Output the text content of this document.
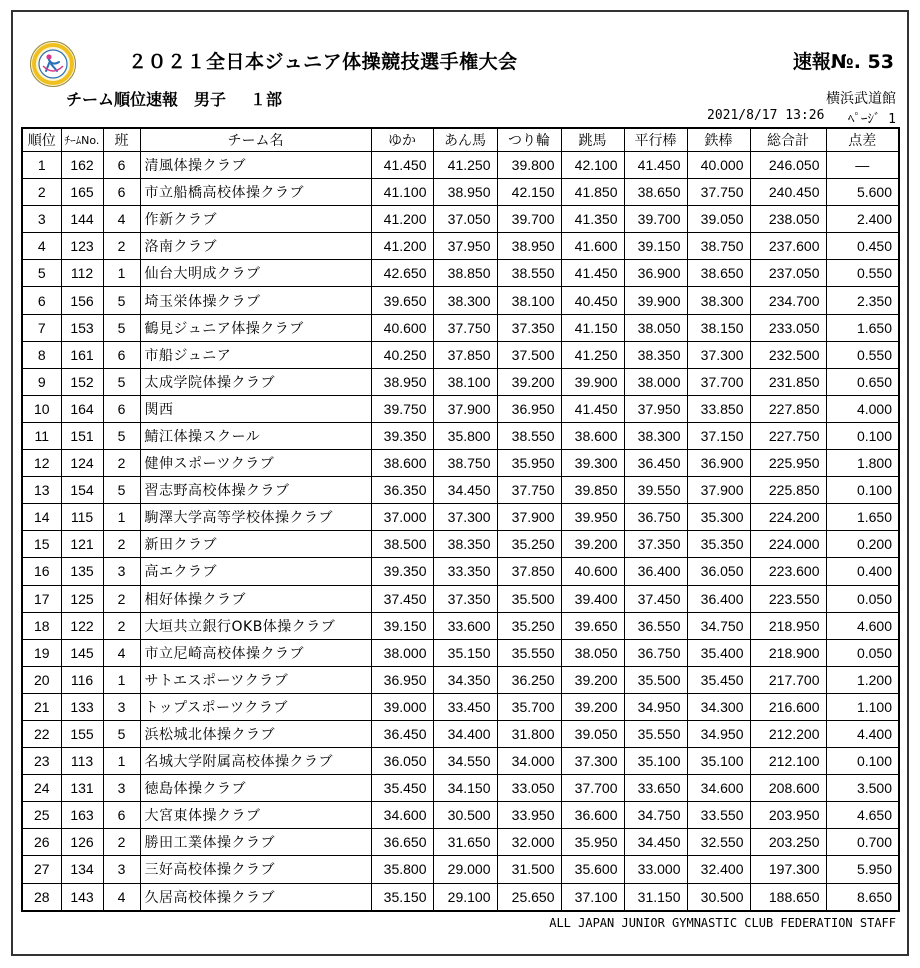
２０２１全日本ジュニア体操競技選手権大会	速報№. 53
チーム順位速報 男子 １部	横浜武道館
2021/8/17 13:26 ﾍﾟｰｼﾞ 1
順位	ﾁｰﾑNo.	班	チーム名	ゆか	あん馬	つり輪	跳馬	平行棒	鉄棒	総合計	点差
1	162	6	清風体操クラブ	41.450	41.250	39.800	42.100	41.450	40.000	246.050	—
2	165	6	市立船橋高校体操クラブ	41.100	38.950	42.150	41.850	38.650	37.750	240.450	5.600
3	144	4	作新クラブ	41.200	37.050	39.700	41.350	39.700	39.050	238.050	2.400
4	123	2	洛南クラブ	41.200	37.950	38.950	41.600	39.150	38.750	237.600	0.450
5	112	1	仙台大明成クラブ	42.650	38.850	38.550	41.450	36.900	38.650	237.050	0.550
6	156	5	埼玉栄体操クラブ	39.650	38.300	38.100	40.450	39.900	38.300	234.700	2.350
7	153	5	鶴見ジュニア体操クラブ	40.600	37.750	37.350	41.150	38.050	38.150	233.050	1.650
8	161	6	市船ジュニア	40.250	37.850	37.500	41.250	38.350	37.300	232.500	0.550
9	152	5	太成学院体操クラブ	38.950	38.100	39.200	39.900	38.000	37.700	231.850	0.650
10	164	6	関西	39.750	37.900	36.950	41.450	37.950	33.850	227.850	4.000
11	151	5	鯖江体操スクール	39.350	35.800	38.550	38.600	38.300	37.150	227.750	0.100
12	124	2	健伸スポーツクラブ	38.600	38.750	35.950	39.300	36.450	36.900	225.950	1.800
13	154	5	習志野高校体操クラブ	36.350	34.450	37.750	39.850	39.550	37.900	225.850	0.100
14	115	1	駒澤大学高等学校体操クラブ	37.000	37.300	37.900	39.950	36.750	35.300	224.200	1.650
15	121	2	新田クラブ	38.500	38.350	35.250	39.200	37.350	35.350	224.000	0.200
16	135	3	高エクラブ	39.350	33.350	37.850	40.600	36.400	36.050	223.600	0.400
17	125	2	相好体操クラブ	37.450	37.350	35.500	39.400	37.450	36.400	223.550	0.050
18	122	2	大垣共立銀行OKB体操クラブ	39.150	33.600	35.250	39.650	36.550	34.750	218.950	4.600
19	145	4	市立尼崎高校体操クラブ	38.000	35.150	35.550	38.050	36.750	35.400	218.900	0.050
20	116	1	サトエスポーツクラブ	36.950	34.350	36.250	39.200	35.500	35.450	217.700	1.200
21	133	3	トップスポーツクラブ	39.000	33.450	35.700	39.200	34.950	34.300	216.600	1.100
22	155	5	浜松城北体操クラブ	36.450	34.400	31.800	39.050	35.550	34.950	212.200	4.400
23	113	1	名城大学附属高校体操クラブ	36.050	34.550	34.000	37.300	35.100	35.100	212.100	0.100
24	131	3	徳島体操クラブ	35.450	34.150	33.050	37.700	33.650	34.600	208.600	3.500
25	163	6	大宮東体操クラブ	34.600	30.500	33.950	36.600	34.750	33.550	203.950	4.650
26	126	2	勝田工業体操クラブ	36.650	31.650	32.000	35.950	34.450	32.550	203.250	0.700
27	134	3	三好高校体操クラブ	35.800	29.000	31.500	35.600	33.000	32.400	197.300	5.950
28	143	4	久居高校体操クラブ	35.150	29.100	25.650	37.100	31.150	30.500	188.650	8.650
ALL JAPAN JUNIOR GYMNASTIC CLUB FEDERATION STAFF
